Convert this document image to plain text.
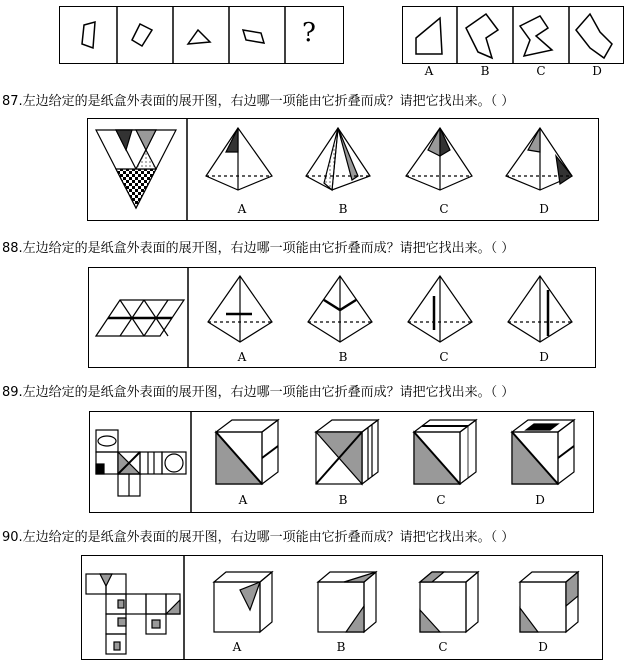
?
A	B	C	D
87.左边给定的是纸盒外表面的展开图，右边哪一项能由它折叠而成？请把它找出来。（ ）
A	B	C	D
88.左边给定的是纸盒外表面的展开图，右边哪一项能由它折叠而成？请把它找出来。（ ）
A	B	C	D
89.左边给定的是纸盒外表面的展开图，右边哪一项能由它折叠而成？请把它找出来。（ ）
A	B	C	D
90.左边给定的是纸盒外表面的展开图，右边哪一项能由它折叠而成？请把它找出来。（ ）
A	B	C	D
